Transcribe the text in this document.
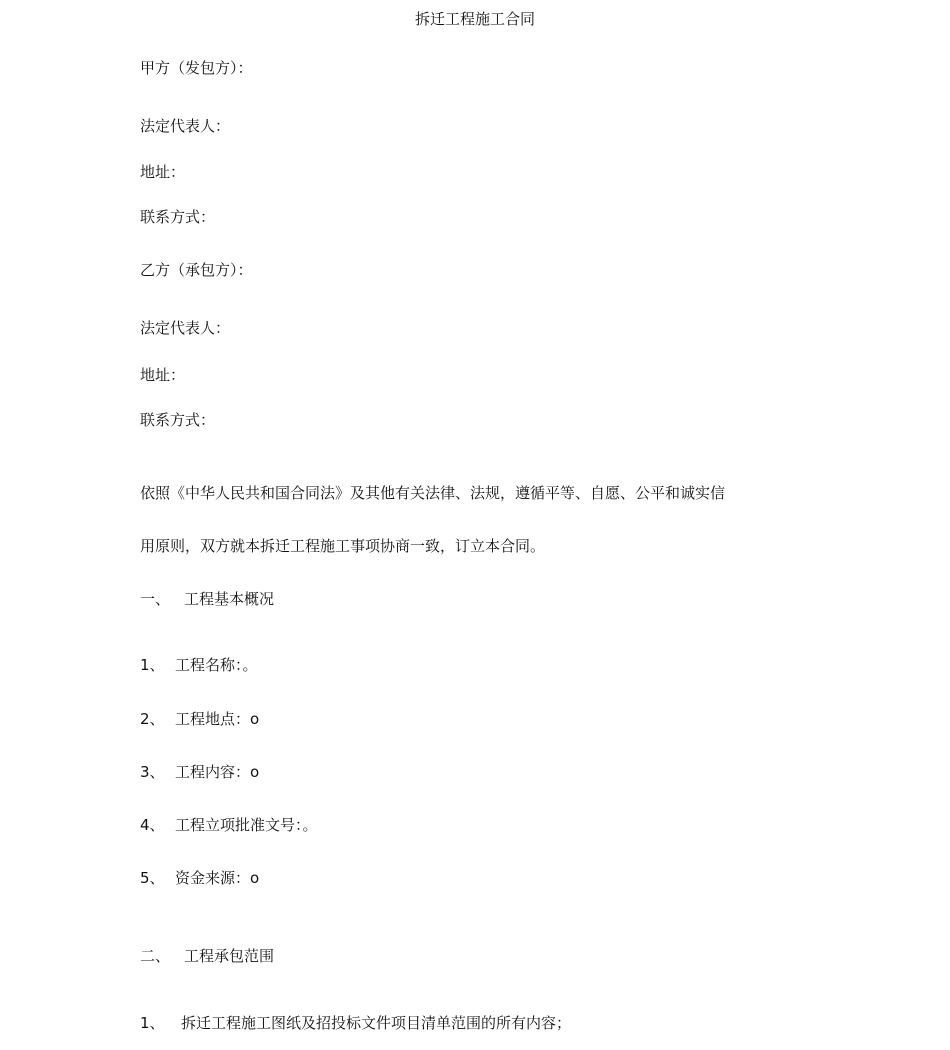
拆迁工程施工合同
甲方（发包方）：
法定代表人：
地址：
联系方式：
乙方（承包方）：
法定代表人：
地址：
联系方式：
依照《中华人民共和国合同法》及其他有关法律、法规，遵循平等、自愿、公平和诚实信
用原则，双方就本拆迁工程施工事项协商一致，订立本合同。
一、 工程基本概况
1、 工程名称：。
2、 工程地点：o
3、 工程内容：o
4、 工程立项批准文号：。
5、 资金来源：o
二、 工程承包范围
1、 拆迁工程施工图纸及招投标文件项目清单范围的所有内容；
